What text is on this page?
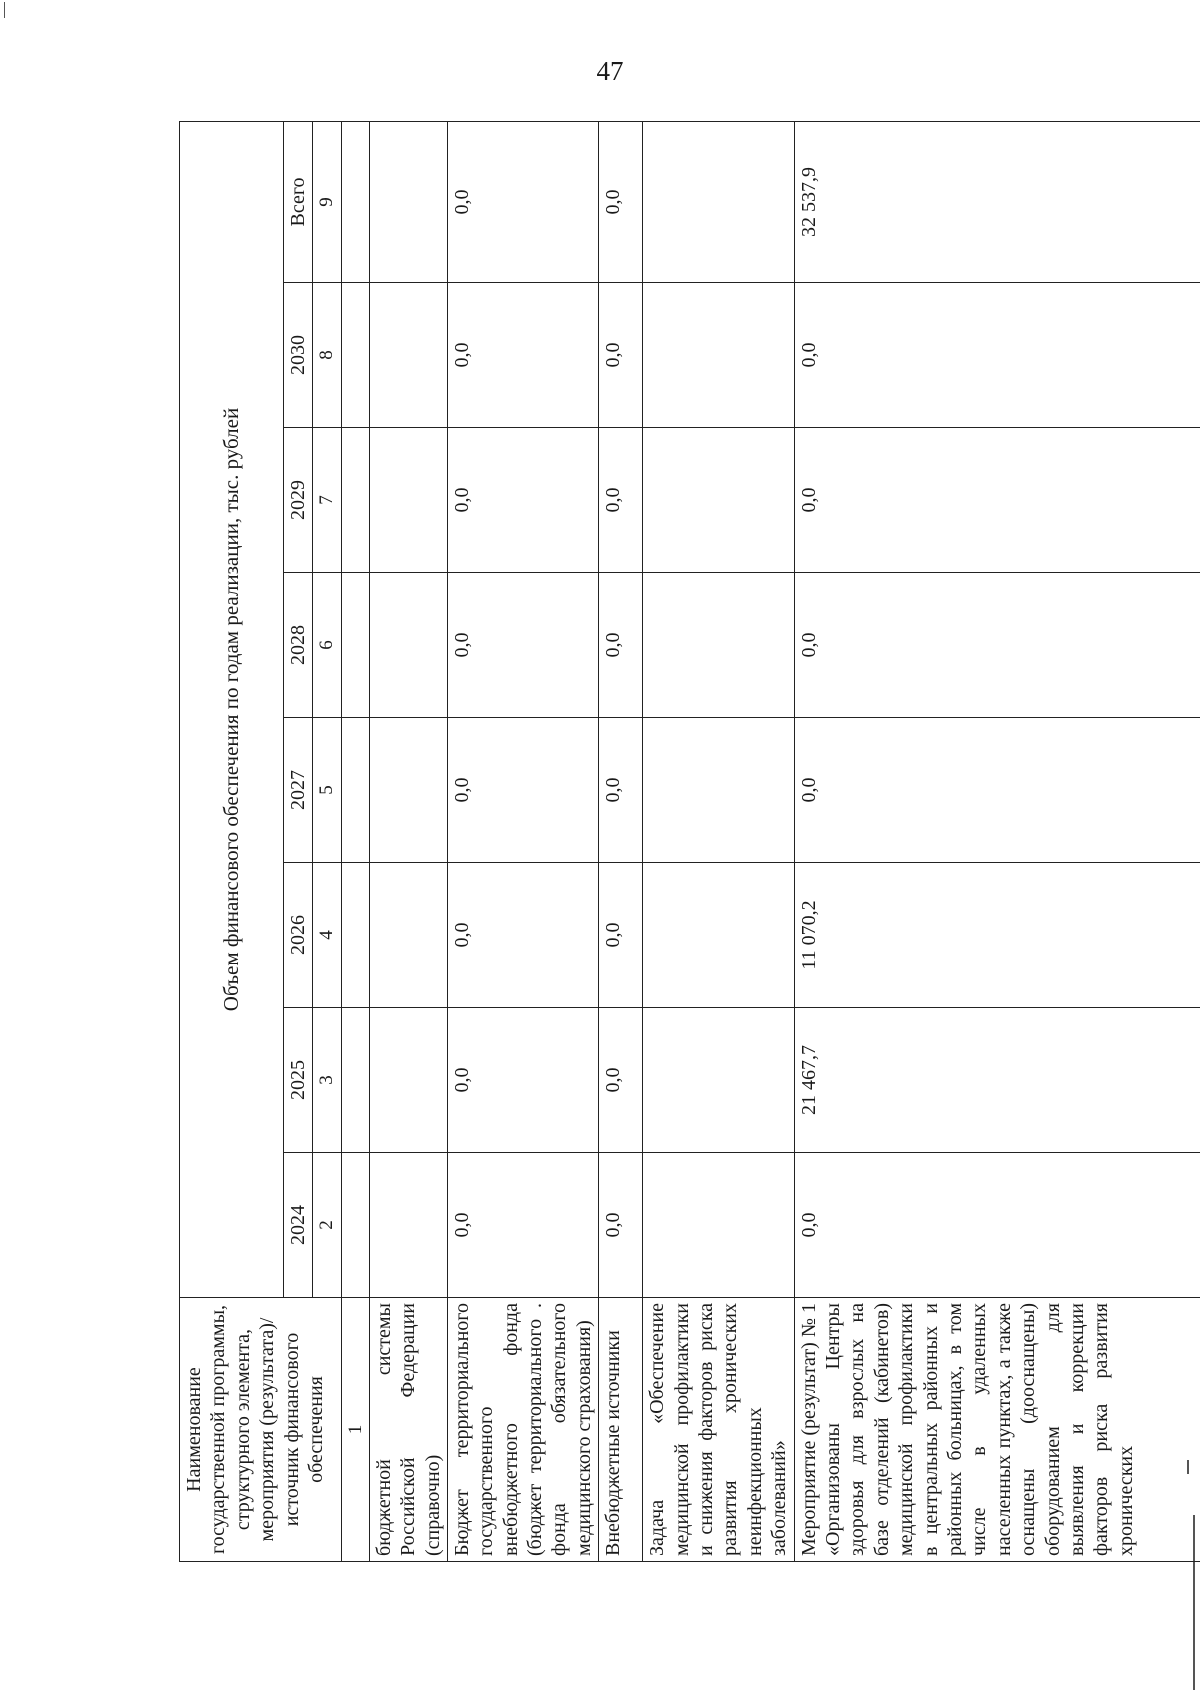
47
Наименование государственной программы, структурного элемента, мероприятия (результата)/источник финансового обеспечения	Объем финансового обеспечения по годам реализации, тыс. рублей							
	2024	2025	2026	2027	2028	2029	2030	Всего
	2	3	4	5	6	7	8	9
1								
бюджетной системы Российской Федерации (справочно)								
Бюджет территориального государственного внебюджетного фонда (бюджет территориального . фонда обязательного медицинского страхования)	0,0	0,0	0,0	0,0	0,0	0,0	0,0	0,0
Внебюджетные источники	0,0	0,0	0,0	0,0	0,0	0,0	0,0	0,0
Задача «Обеспечение медицинской профилактики и снижения факторов риска развития хронических неинфекционных заболеваний»								
Мероприятие (результат) № 1 «Организованы Центры здоровья для взрослых на базе отделений (кабинетов) медицинской профилактики в центральных районных и районных больницах, в том числе в удаленных населенных пунктах, а также оснащены (дооснащены) оборудованием для выявления и коррекции факторов риска развития хронических	0,0	21 467,7	11 070,2	0,0	0,0	0,0	0,0	32 537,9
